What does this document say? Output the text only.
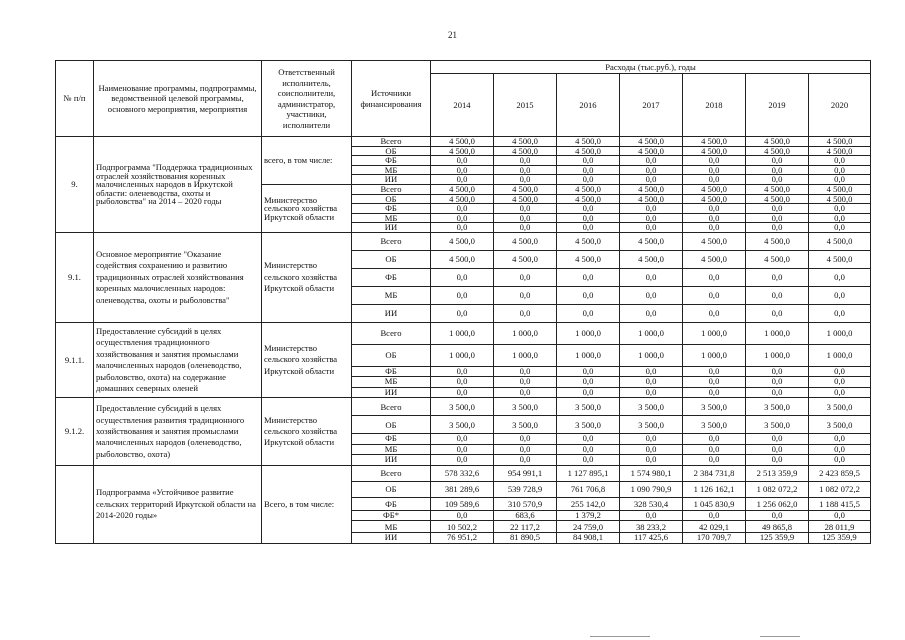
21
№ п/п	Наименование программы, подпрограммы, ведомственной целевой программы, основного мероприятия, мероприятия	Ответственный исполнитель, соисполнители, администратор, участники, исполнители	Источники финансирования	Расходы (тыс.руб.), годы						
				2014	2015	2016	2017	2018	2019	2020
9.	Подпрограмма "Поддержка традиционных отраслей хозяйствования коренных малочисленных народов в Иркутской области: оленеводства, охоты и рыболовства" на 2014 – 2020 годы	всего, в том числе:	Всего	4 500,0	4 500,0	4 500,0	4 500,0	4 500,0	4 500,0	4 500,0
			ОБ	4 500,0	4 500,0	4 500,0	4 500,0	4 500,0	4 500,0	4 500,0
			ФБ	0,0	0,0	0,0	0,0	0,0	0,0	0,0
			МБ	0,0	0,0	0,0	0,0	0,0	0,0	0,0
			ИИ	0,0	0,0	0,0	0,0	0,0	0,0	0,0
		Министерство сельского хозяйства Иркутской области	Всего	4 500,0	4 500,0	4 500,0	4 500,0	4 500,0	4 500,0	4 500,0
			ОБ	4 500,0	4 500,0	4 500,0	4 500,0	4 500,0	4 500,0	4 500,0
			ФБ	0,0	0,0	0,0	0,0	0,0	0,0	0,0
			МБ	0,0	0,0	0,0	0,0	0,0	0,0	0,0
			ИИ	0,0	0,0	0,0	0,0	0,0	0,0	0,0
9.1.	Основное мероприятие "Оказание содействия сохранению и развитию традиционных отраслей хозяйствования коренных малочисленных народов: оленеводства, охоты и рыболовства"	Министерство сельского хозяйства Иркутской области	Всего	4 500,0	4 500,0	4 500,0	4 500,0	4 500,0	4 500,0	4 500,0
			ОБ	4 500,0	4 500,0	4 500,0	4 500,0	4 500,0	4 500,0	4 500,0
			ФБ	0,0	0,0	0,0	0,0	0,0	0,0	0,0
			МБ	0,0	0,0	0,0	0,0	0,0	0,0	0,0
			ИИ	0,0	0,0	0,0	0,0	0,0	0,0	0,0
9.1.1.	Предоставление субсидий в целях осуществления традиционного хозяйствования и занятия промыслами малочисленных народов (оленеводство, рыболовство, охота) на содержание домашних северных оленей	Министерство сельского хозяйства Иркутской области	Всего	1 000,0	1 000,0	1 000,0	1 000,0	1 000,0	1 000,0	1 000,0
			ОБ	1 000,0	1 000,0	1 000,0	1 000,0	1 000,0	1 000,0	1 000,0
			ФБ	0,0	0,0	0,0	0,0	0,0	0,0	0,0
			МБ	0,0	0,0	0,0	0,0	0,0	0,0	0,0
			ИИ	0,0	0,0	0,0	0,0	0,0	0,0	0,0
9.1.2.	Предоставление субсидий в целях осуществления развития традиционного хозяйствования и занятия промыслами малочисленных народов (оленеводство, рыболовство, охота)	Министерство сельского хозяйства Иркутской области	Всего	3 500,0	3 500,0	3 500,0	3 500,0	3 500,0	3 500,0	3 500,0
			ОБ	3 500,0	3 500,0	3 500,0	3 500,0	3 500,0	3 500,0	3 500,0
			ФБ	0,0	0,0	0,0	0,0	0,0	0,0	0,0
			МБ	0,0	0,0	0,0	0,0	0,0	0,0	0,0
			ИИ	0,0	0,0	0,0	0,0	0,0	0,0	0,0
	Подпрограмма «Устойчивое развитие сельских территорий Иркутской области на 2014-2020 годы»	Всего, в том числе:	Всего	578 332,6	954 991,1	1 127 895,1	1 574 980,1	2 384 731,8	2 513 359,9	2 423 859,5
			ОБ	381 289,6	539 728,9	761 706,8	1 090 790,9	1 126 162,1	1 082 072,2	1 082 072,2
			ФБ	109 589,6	310 570,9	255 142,0	328 530,4	1 045 830,9	1 256 062,0	1 188 415,5
			ФБ*	0,0	683,6	1 379,2	0,0	0,0	0,0	0,0
			МБ	10 502,2	22 117,2	24 759,0	38 233,2	42 029,1	49 865,8	28 011,9
			ИИ	76 951,2	81 890,5	84 908,1	117 425,6	170 709,7	125 359,9	125 359,9
